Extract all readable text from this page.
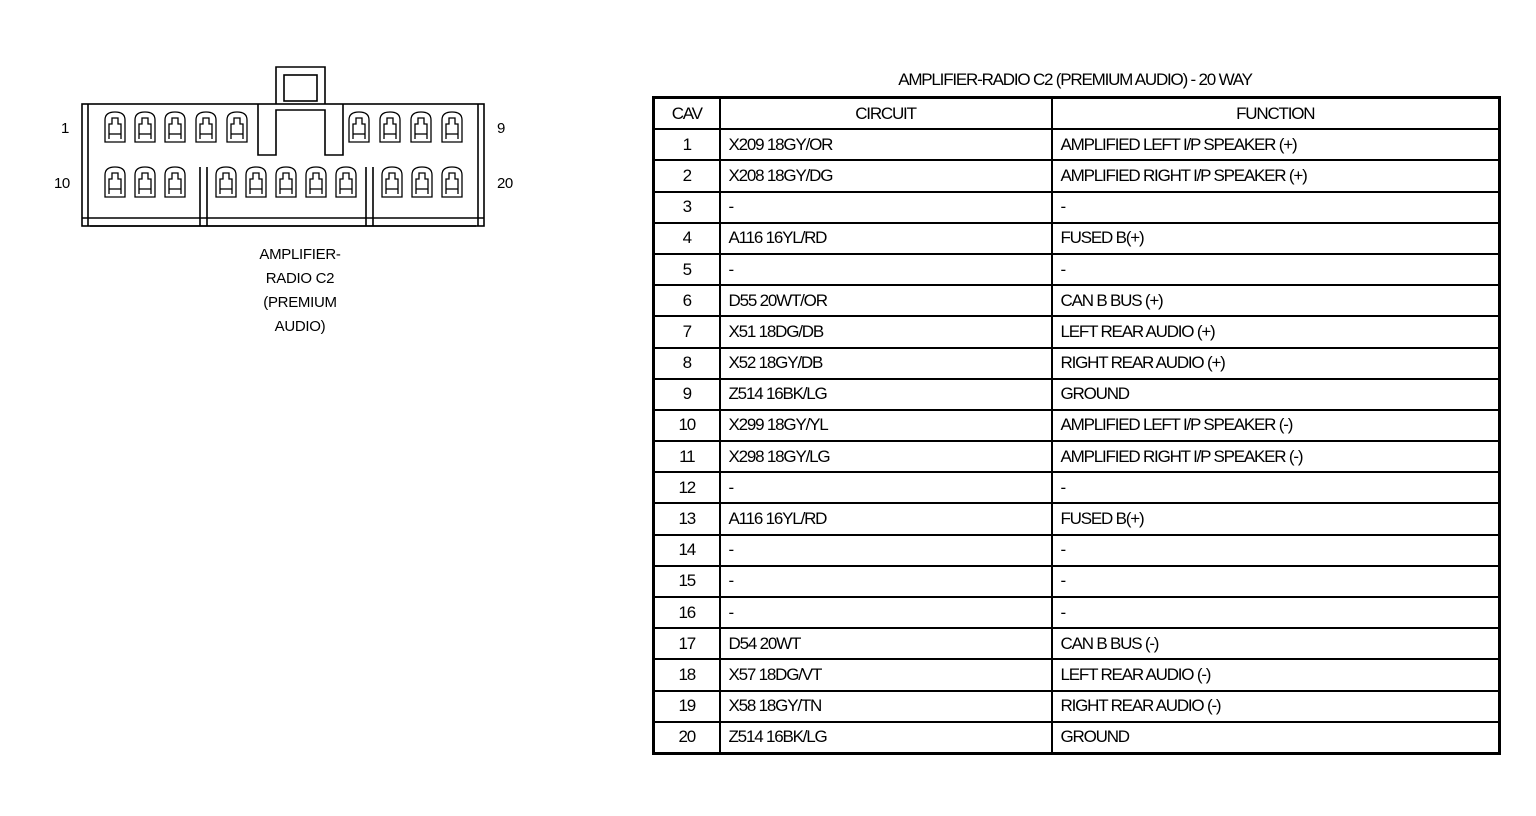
1	9
10	20
AMPLIFIER-
RADIO C2
(PREMIUM
AUDIO)
AMPLIFIER-RADIO C2 (PREMIUM AUDIO) - 20 WAY
CAV	CIRCUIT	FUNCTION
1	X209 18GY/OR	AMPLIFIED LEFT I/P SPEAKER (+)
2	X208 18GY/DG	AMPLIFIED RIGHT I/P SPEAKER (+)
3	-	-
4	A116 16YL/RD	FUSED B(+)
5	-	-
6	D55 20WT/OR	CAN B BUS (+)
7	X51 18DG/DB	LEFT REAR AUDIO (+)
8	X52 18GY/DB	RIGHT REAR AUDIO (+)
9	Z514 16BK/LG	GROUND
10	X299 18GY/YL	AMPLIFIED LEFT I/P SPEAKER (-)
11	X298 18GY/LG	AMPLIFIED RIGHT I/P SPEAKER (-)
12	-	-
13	A116 16YL/RD	FUSED B(+)
14	-	-
15	-	-
16	-	-
17	D54 20WT	CAN B BUS (-)
18	X57 18DG/VT	LEFT REAR AUDIO (-)
19	X58 18GY/TN	RIGHT REAR AUDIO (-)
20	Z514 16BK/LG	GROUND
